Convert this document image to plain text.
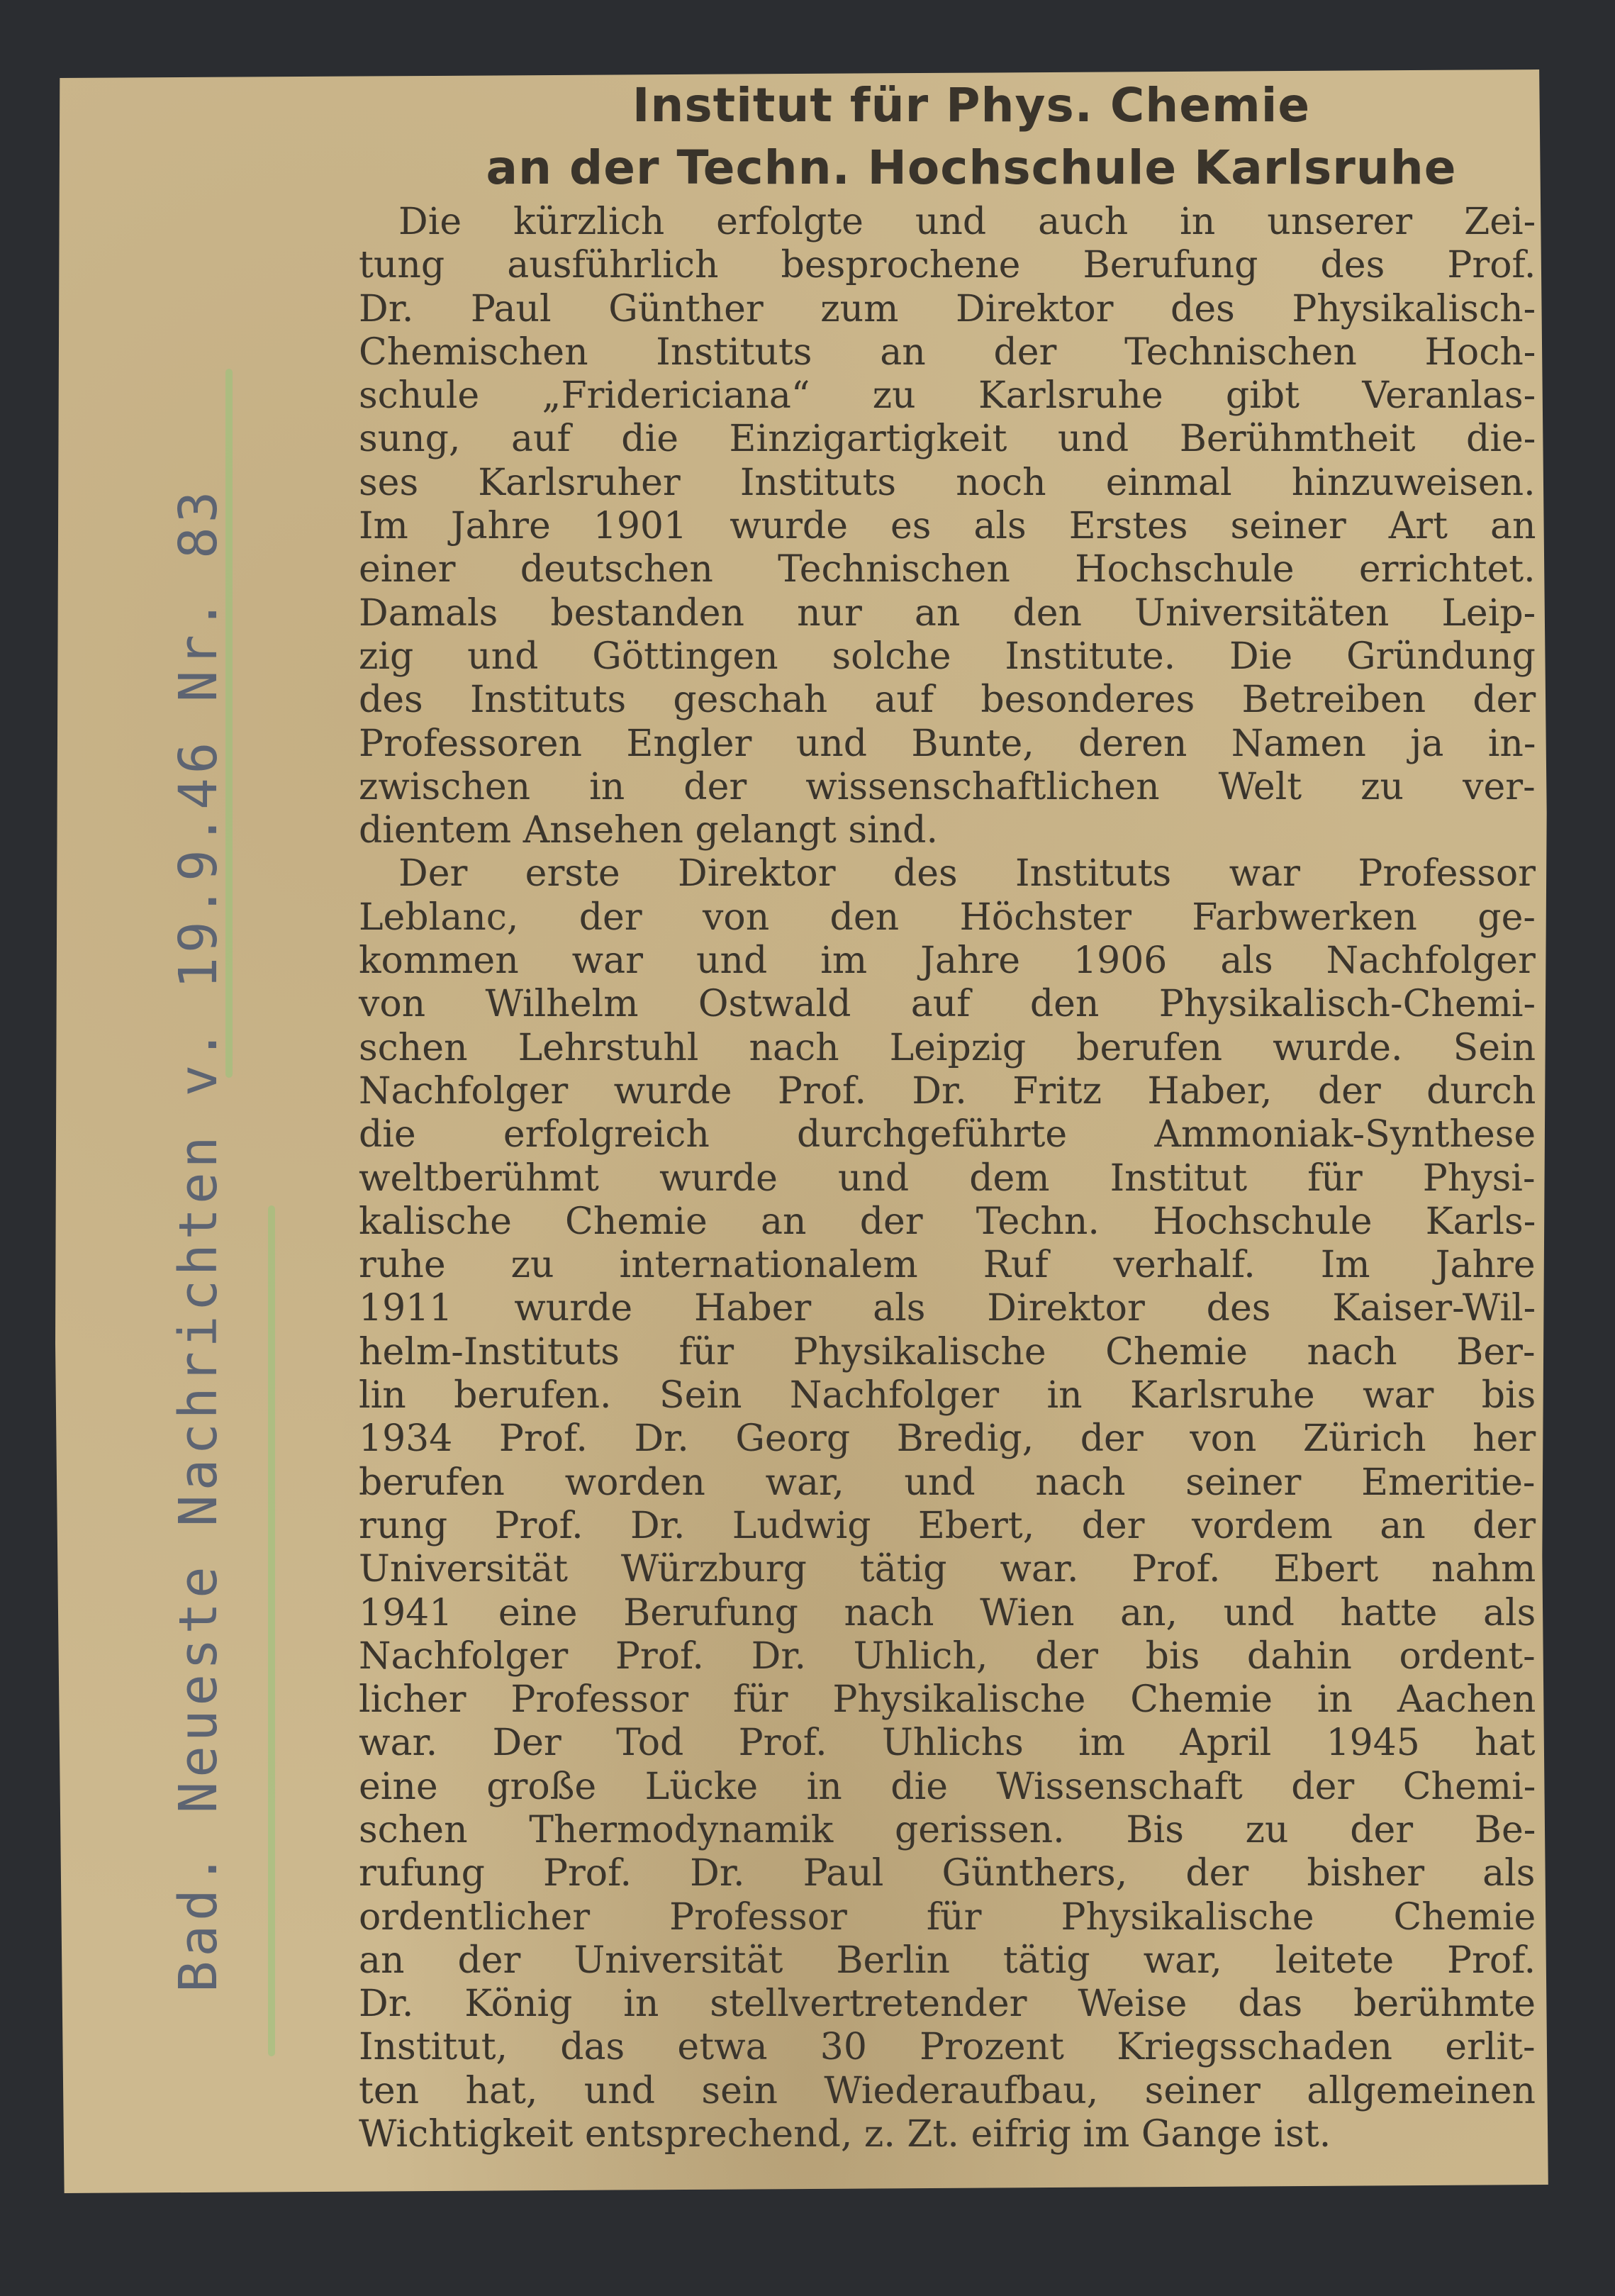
Bad. Neueste Nachrichten v. 19.9.46 Nr. 83
Institut für Phys. Chemie
an der Techn. Hochschule Karlsruhe
Die kürzlich erfolgte und auch in unserer Zei-
tung ausführlich besprochene Berufung des Prof.
Dr. Paul Günther zum Direktor des Physikalisch-
Chemischen Instituts an der Technischen Hoch-
schule „Fridericiana“ zu Karlsruhe gibt Veranlas-
sung, auf die Einzigartigkeit und Berühmtheit die-
ses Karlsruher Instituts noch einmal hinzuweisen.
Im Jahre 1901 wurde es als Erstes seiner Art an
einer deutschen Technischen Hochschule errichtet.
Damals bestanden nur an den Universitäten Leip-
zig und Göttingen solche Institute. Die Gründung
des Instituts geschah auf besonderes Betreiben der
Professoren Engler und Bunte, deren Namen ja in-
zwischen in der wissenschaftlichen Welt zu ver-
dientem Ansehen gelangt sind.
Der erste Direktor des Instituts war Professor
Leblanc, der von den Höchster Farbwerken ge-
kommen war und im Jahre 1906 als Nachfolger
von Wilhelm Ostwald auf den Physikalisch-Chemi-
schen Lehrstuhl nach Leipzig berufen wurde. Sein
Nachfolger wurde Prof. Dr. Fritz Haber, der durch
die erfolgreich durchgeführte Ammoniak-Synthese
weltberühmt wurde und dem Institut für Physi-
kalische Chemie an der Techn. Hochschule Karls-
ruhe zu internationalem Ruf verhalf. Im Jahre
1911 wurde Haber als Direktor des Kaiser-Wil-
helm-Instituts für Physikalische Chemie nach Ber-
lin berufen. Sein Nachfolger in Karlsruhe war bis
1934 Prof. Dr. Georg Bredig, der von Zürich her
berufen worden war, und nach seiner Emeritie-
rung Prof. Dr. Ludwig Ebert, der vordem an der
Universität Würzburg tätig war. Prof. Ebert nahm
1941 eine Berufung nach Wien an, und hatte als
Nachfolger Prof. Dr. Uhlich, der bis dahin ordent-
licher Professor für Physikalische Chemie in Aachen
war. Der Tod Prof. Uhlichs im April 1945 hat
eine große Lücke in die Wissenschaft der Chemi-
schen Thermodynamik gerissen. Bis zu der Be-
rufung Prof. Dr. Paul Günthers, der bisher als
ordentlicher Professor für Physikalische Chemie
an der Universität Berlin tätig war, leitete Prof.
Dr. König in stellvertretender Weise das berühmte
Institut, das etwa 30 Prozent Kriegsschaden erlit-
ten hat, und sein Wiederaufbau, seiner allgemeinen
Wichtigkeit entsprechend, z. Zt. eifrig im Gange ist.
